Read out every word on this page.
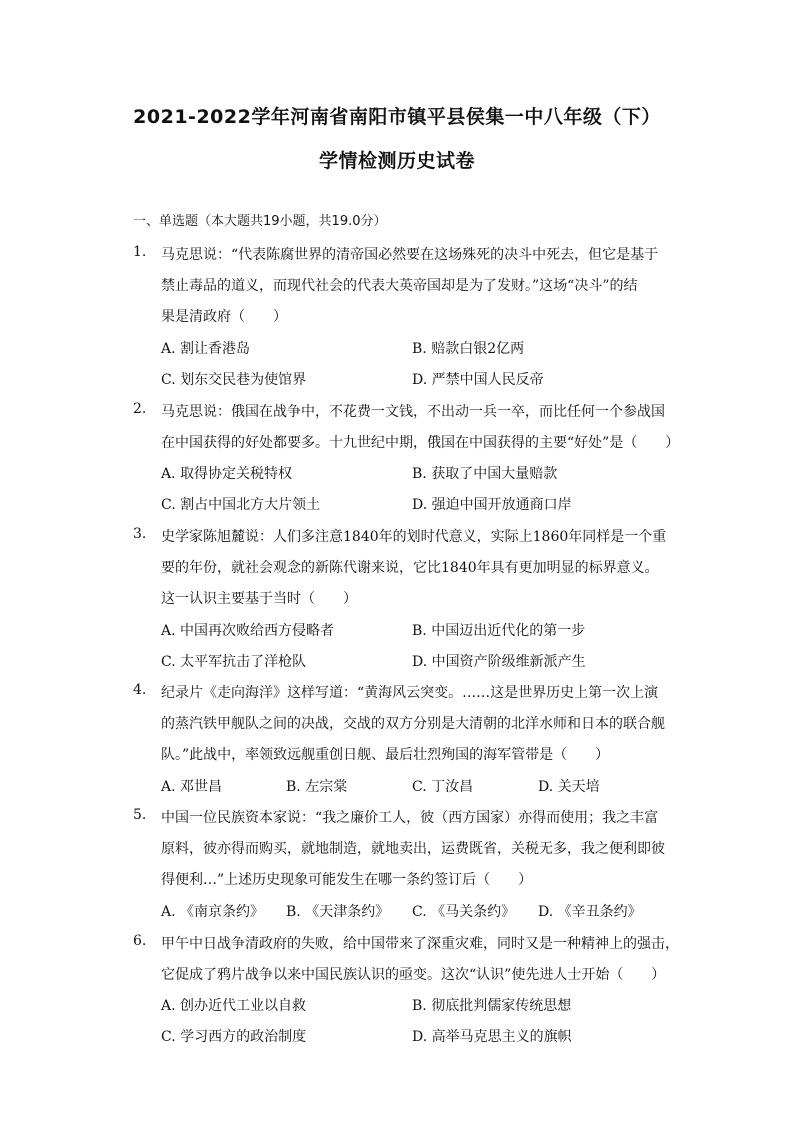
2021-2022学年河南省南阳市镇平县侯集一中八年级（下）
学情检测历史试卷
一、单选题（本大题共19小题，共19.0分）
1.	马克思说：“代表陈腐世界的清帝国必然要在这场殊死的决斗中死去，但它是基于
禁止毒品的道义，而现代社会的代表大英帝国却是为了发财。”这场“决斗”的结
果是清政府（　　）
A. 割让香港岛	B. 赔款白银2亿两
C. 划东交民巷为使馆界	D. 严禁中国人民反帝
2.	马克思说：俄国在战争中，不花费一文钱，不出动一兵一卒，而比任何一个参战国
在中国获得的好处都要多。十九世纪中期，俄国在中国获得的主要“好处”是（　　）
A. 取得协定关税特权	B. 获取了中国大量赔款
C. 割占中国北方大片领土	D. 强迫中国开放通商口岸
3.	史学家陈旭麓说：人们多注意1840年的划时代意义，实际上1860年同样是一个重
要的年份，就社会观念的新陈代谢来说，它比1840年具有更加明显的标界意义。
这一认识主要基于当时（　　）
A. 中国再次败给西方侵略者	B. 中国迈出近代化的第一步
C. 太平军抗击了洋枪队	D. 中国资产阶级维新派产生
4.	纪录片《走向海洋》这样写道：“黄海风云突变。……这是世界历史上第一次上演
的蒸汽铁甲舰队之间的决战，交战的双方分别是大清朝的北洋水师和日本的联合舰
队。”此战中，率领致远舰重创日舰、最后壮烈殉国的海军管带是（　　）
A. 邓世昌	B. 左宗棠	C. 丁汝昌	D. 关天培
5.	中国一位民族资本家说：“我之廉价工人，彼（西方国家）亦得而使用；我之丰富
原料，彼亦得而购买，就地制造，就地卖出，运费既省，关税无多，我之便利即彼
得便利…”上述历史现象可能发生在哪一条约签订后（　　）
A. 《南京条约》 B. 《天津条约》 C. 《马关条约》 D. 《辛丑条约》
6.	甲午中日战争清政府的失败，给中国带来了深重灾难，同时又是一种精神上的强击，
它促成了鸦片战争以来中国民族认识的亟变。这次“认识”使先进人士开始（　　）
A. 创办近代工业以自救	B. 彻底批判儒家传统思想
C. 学习西方的政治制度	D. 高举马克思主义的旗帜
